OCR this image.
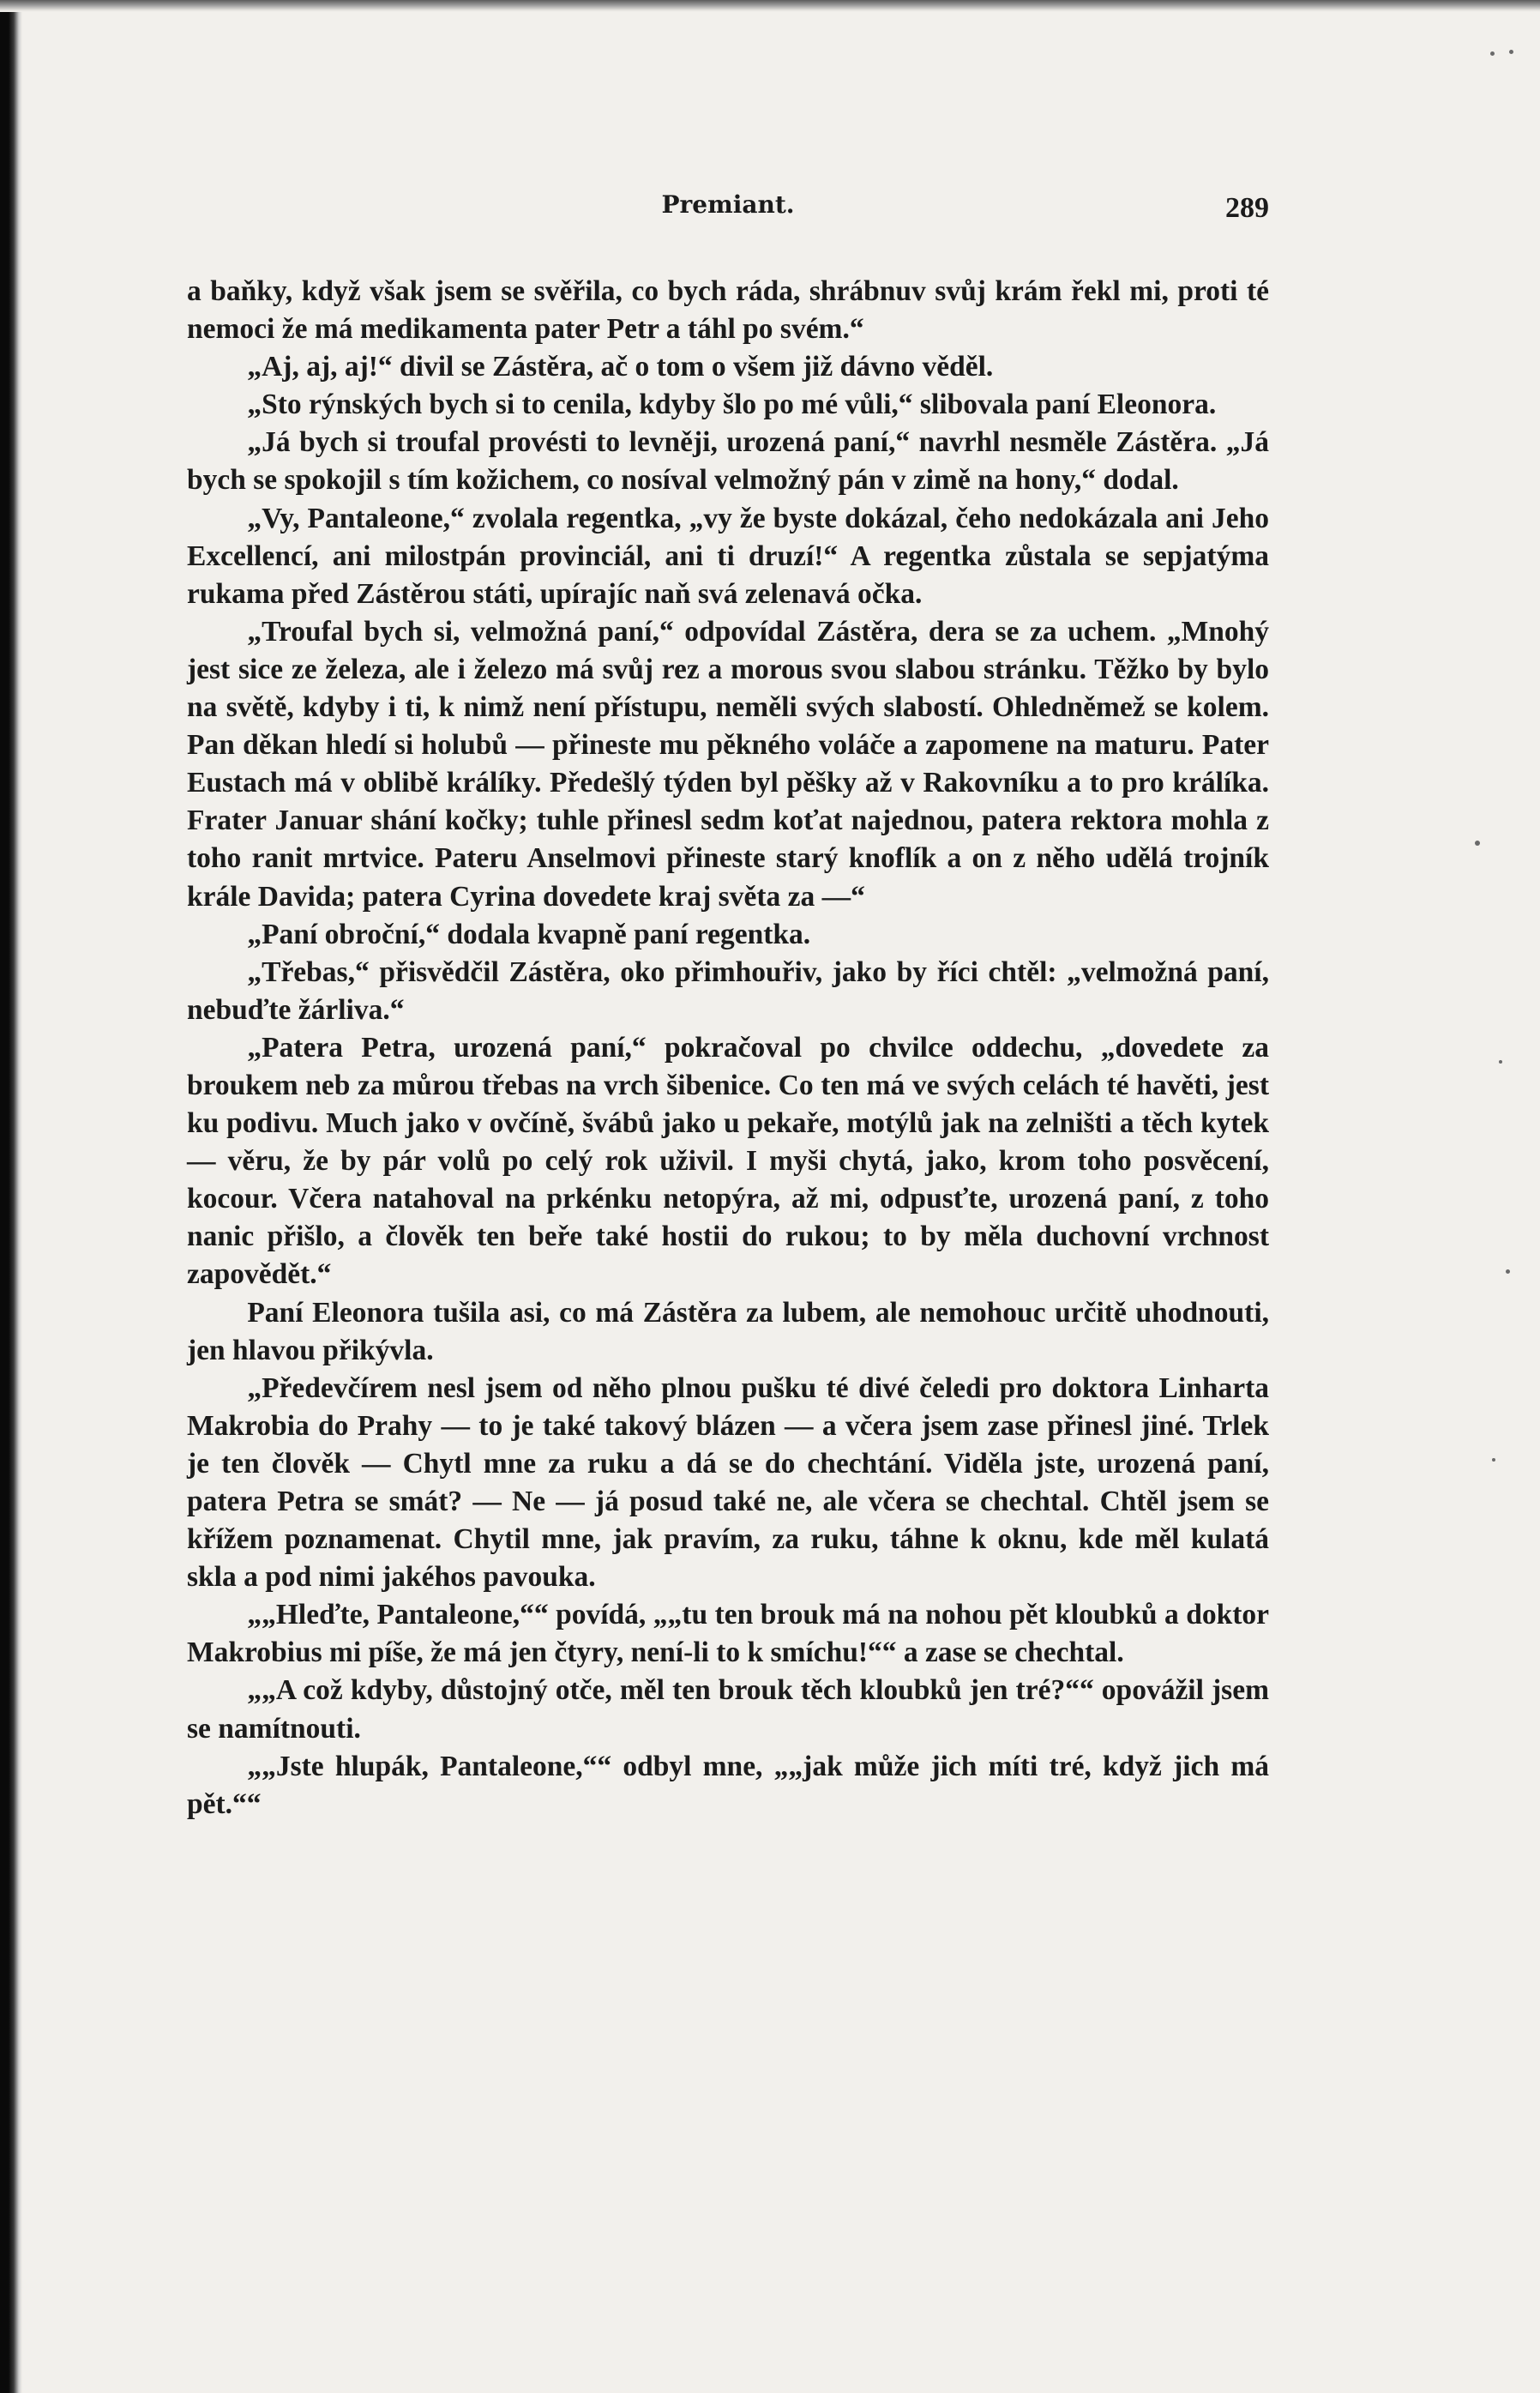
Premiant.	289

a baňky, když však jsem se svěřila, co bych ráda, shrábnuv svůj krám řekl mi, proti té nemoci že má medikamenta pater Petr a táhl po svém.“

„Aj, aj, aj!“ divil se Zástěra, ač o tom o všem již dávno věděl.

„Sto rýnských bych si to cenila, kdyby šlo po mé vůli,“ slibovala paní Eleonora.

„Já bych si troufal provésti to levněji, urozená paní,“ navrhl nesměle Zástěra. „Já bych se spokojil s tím kožichem, co nosíval velmožný pán v zimě na hony,“ dodal.

„Vy, Pantaleone,“ zvolala regentka, „vy že byste dokázal, čeho nedokázala ani Jeho Excellencí, ani milostpán provinciál, ani ti druzí!“ A regentka zůstala se sepjatýma rukama před Zástěrou státi, upírajíc naň svá zelenavá očka.

„Troufal bych si, velmožná paní,“ odpovídal Zástěra, dera se za uchem. „Mnohý jest sice ze železa, ale i železo má svůj rez a morous svou slabou stránku. Těžko by bylo na světě, kdyby i ti, k nimž není přístupu, neměli svých slabostí. Ohledněmež se kolem. Pan děkan hledí si holubů — přineste mu pěkného voláče a zapomene na maturu. Pater Eustach má v oblibě králíky. Předešlý týden byl pěšky až v Rakovníku a to pro králíka. Frater Januar shání kočky; tuhle přinesl sedm koťat najednou, patera rektora mohla z toho ranit mrtvice. Pateru Anselmovi přineste starý knoflík a on z něho udělá trojník krále Davida; patera Cyrina dovedete kraj světa za —“

„Paní obroční,“ dodala kvapně paní regentka.

„Třebas,“ přisvědčil Zástěra, oko přimhouřiv, jako by říci chtěl: „velmožná paní, nebuďte žárliva.“

„Patera Petra, urozená paní,“ pokračoval po chvilce oddechu, „dovedete za broukem neb za můrou třebas na vrch šibenice. Co ten má ve svých celách té havěti, jest ku podivu. Much jako v ovčíně, švábů jako u pekaře, motýlů jak na zelništi a těch kytek — věru, že by pár volů po celý rok uživil. I myši chytá, jako, krom toho posvěcení, kocour. Včera natahoval na prkénku netopýra, až mi, odpusťte, urozená paní, z toho nanic přišlo, a člověk ten beře také hostii do rukou; to by měla duchovní vrchnost zapovědět.“

Paní Eleonora tušila asi, co má Zástěra za lubem, ale nemohouc určitě uhodnouti, jen hlavou přikývla.

„Předevčírem nesl jsem od něho plnou pušku té divé čeledi pro doktora Linharta Makrobia do Prahy — to je také takový blázen — a včera jsem zase přinesl jiné. Trlek je ten člověk — Chytl mne za ruku a dá se do chechtání. Viděla jste, urozená paní, patera Petra se smát? — Ne — já posud také ne, ale včera se chechtal. Chtěl jsem se křížem poznamenat. Chytil mne, jak pravím, za ruku, táhne k oknu, kde měl kulatá skla a pod nimi jakéhos pavouka.

„„Hleďte, Pantaleone,““ povídá, „„tu ten brouk má na nohou pět kloubků a doktor Makrobius mi píše, že má jen čtyry, není-li to k smíchu!““ a zase se chechtal.

„„A což kdyby, důstojný otče, měl ten brouk těch kloubků jen tré?““ opovážil jsem se namítnouti.

„„Jste hlupák, Pantaleone,““ odbyl mne, „„jak může jich míti tré, když jich má pět.““
